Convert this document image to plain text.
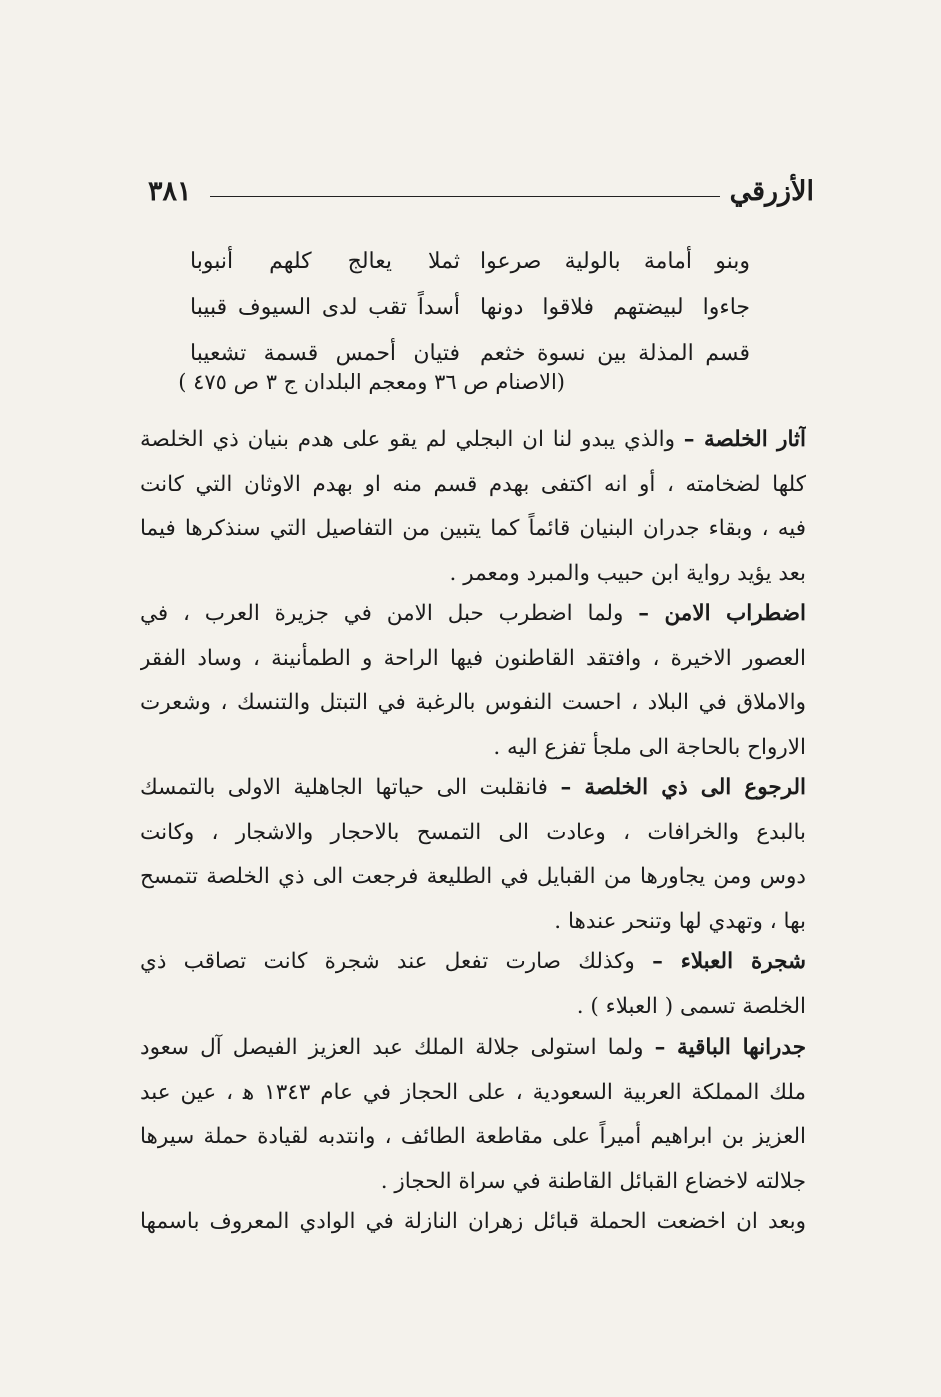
٣٨١	الأزرقي
وبنو أمامة بالولية صرعوا
ثملا يعالج كلهم أنبوبا
جاءوا لبيضتهم فلاقوا دونها
أسداً تقب لدى السيوف قبيبا
قسم المذلة بين نسوة خثعم
فتيان أحمس قسمة تشعيبا
(الاصنام ص ٣٦ ومعجم البلدان ج ٣ ص ٤٧٥ )

آثار الخلصة – والذي يبدو لنا ان البجلي لم يقو على هدم بنيان ذي الخلصة
كلها لضخامته ، أو انه اكتفى بهدم قسم منه او بهدم الاوثان التي كانت
فيه ، وبقاء جدران البنيان قائماً كما يتبين من التفاصيل التي سنذكرها فيما
بعد يؤيد رواية ابن حبيب والمبرد ومعمر .

اضطراب الامن – ولما اضطرب حبل الامن في جزيرة العرب ، في
العصور الاخيرة ، وافتقد القاطنون فيها الراحة و الطمأنينة ، وساد الفقر
والاملاق في البلاد ، احست النفوس بالرغبة في التبتل والتنسك ، وشعرت
الارواح بالحاجة الى ملجأ تفزع اليه .

الرجوع الى ذي الخلصة – فانقلبت الى حياتها الجاهلية الاولى بالتمسك
بالبدع والخرافات ، وعادت الى التمسح بالاحجار والاشجار ، وكانت
دوس ومن يجاورها من القبايل في الطليعة فرجعت الى ذي الخلصة تتمسح
بها ، وتهدي لها وتنحر عندها .

شجرة العبلاء – وكذلك صارت تفعل عند شجرة كانت تصاقب ذي
الخلصة تسمى ( العبلاء ) .

جدرانها الباقية – ولما استولى جلالة الملك عبد العزيز الفيصل آل سعود
ملك المملكة العربية السعودية ، على الحجاز في عام ١٣٤٣ ﻫ ، عين عبد
العزيز بن ابراهيم أميراً على مقاطعة الطائف ، وانتدبه لقيادة حملة سيرها
جلالته لاخضاع القبائل القاطنة في سراة الحجاز .

وبعد ان اخضعت الحملة قبائل زهران النازلة في الوادي المعروف باسمها
